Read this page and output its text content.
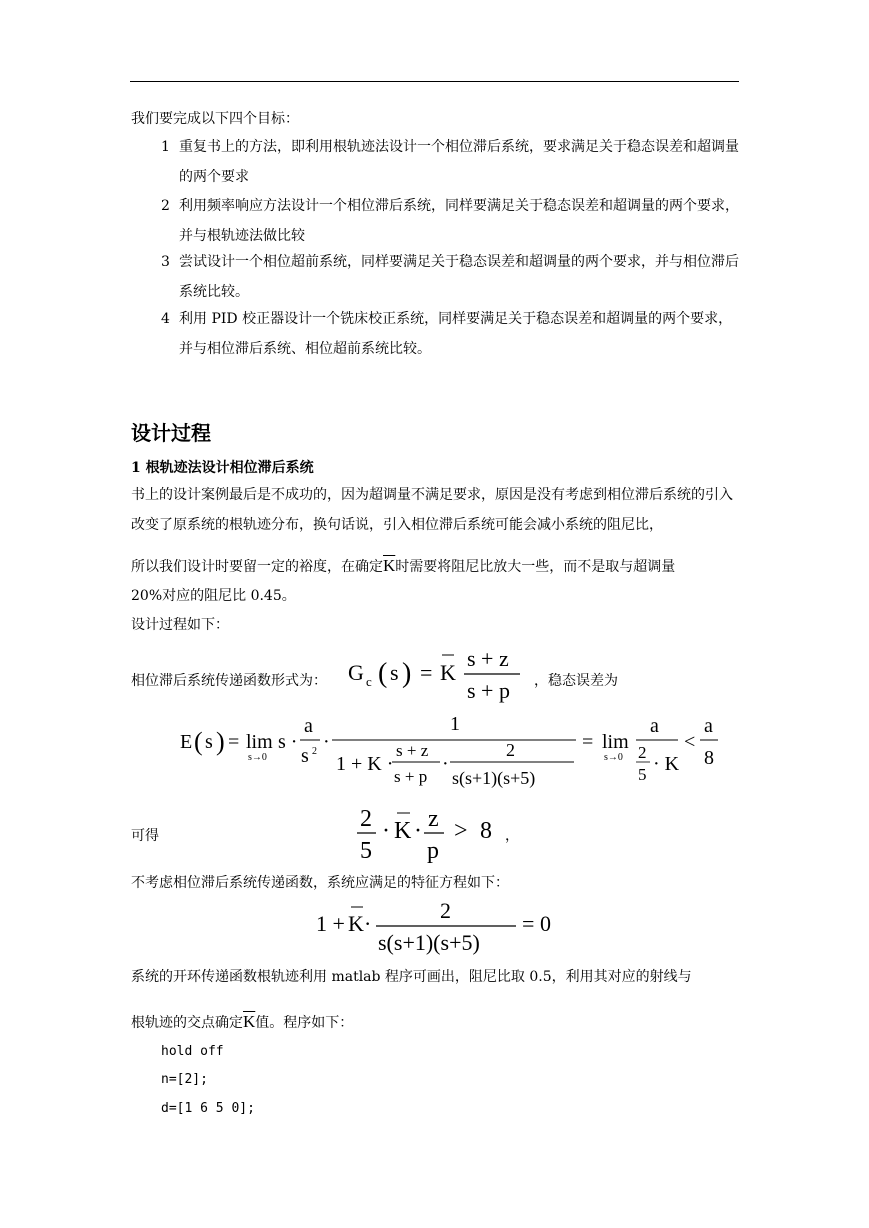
我们要完成以下四个目标：
1 重复书上的方法，即利用根轨迹法设计一个相位滞后系统，要求满足关于稳态误差和超调量的两个要求
2 利用频率响应方法设计一个相位滞后系统，同样要满足关于稳态误差和超调量的两个要求，并与根轨迹法做比较
3 尝试设计一个相位超前系统，同样要满足关于稳态误差和超调量的两个要求，并与相位滞后系统比较。
4 利用 PID 校正器设计一个铣床校正系统，同样要满足关于稳态误差和超调量的两个要求，并与相位滞后系统、相位超前系统比较。
设计过程
1 根轨迹法设计相位滞后系统
书上的设计案例最后是不成功的，因为超调量不满足要求，原因是没有考虑到相位滞后系统的引入改变了原系统的根轨迹分布，换句话说，引入相位滞后系统可能会减小系统的阻尼比，
所以我们设计时要留一定的裕度，在确定$\overline{K}$时需要将阻尼比放大一些，而不是取与超调量
20%对应的阻尼比 0.45。
设计过程如下：
相位滞后系统传递函数形式为： G c ( s ) = K
s + z
s + p ，稳态误差为
E ( s ) = lim
s→0
s ·
a
s 2 ·
1
1 + K ·
s + z
s + p
·
2
s(s+1)(s+5)
= lim
s→0
a
2
5 · K
<
a
8
可得
2
5
· K · z
p
> 8 ，
不考虑相位滞后系统传递函数，系统应满足的特征方程如下：
1 + K ·
2
s(s+1)(s+5)
= 0
系统的开环传递函数根轨迹利用 matlab 程序可画出，阻尼比取 0.5，利用其对应的射线与
根轨迹的交点确定$\overline{K}$值。程序如下：
hold off
n=[2];
d=[1 6 5 0];
